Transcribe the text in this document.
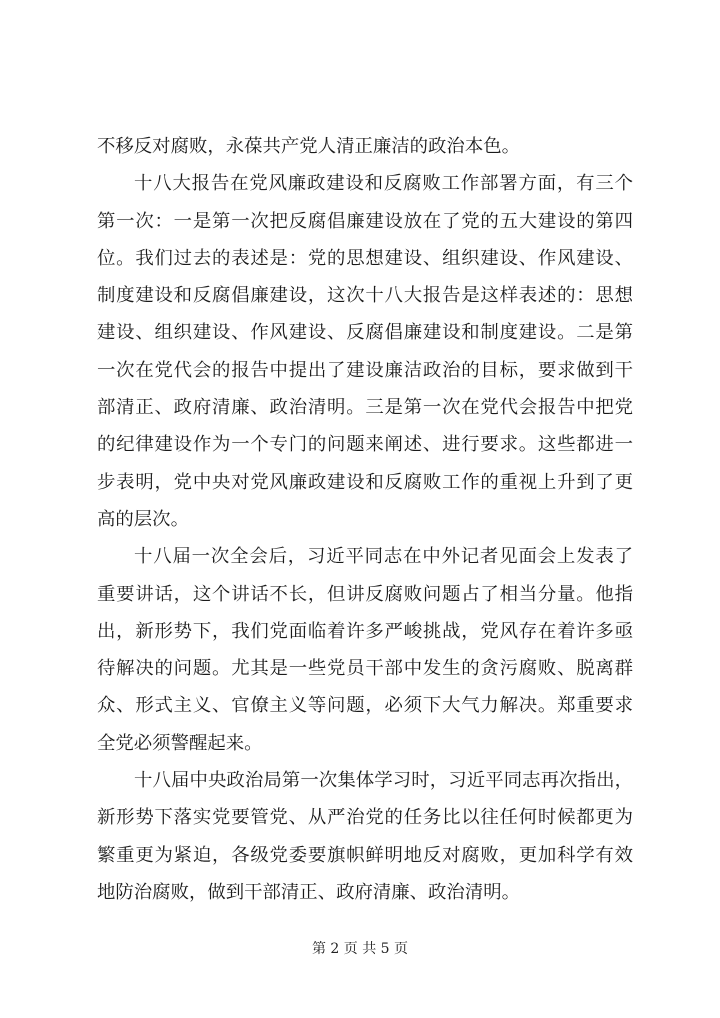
不移反对腐败，永葆共产党人清正廉洁的政治本色。
十八大报告在党风廉政建设和反腐败工作部署方面，有三个
第一次：一是第一次把反腐倡廉建设放在了党的五大建设的第四
位。我们过去的表述是：党的思想建设、组织建设、作风建设、
制度建设和反腐倡廉建设，这次十八大报告是这样表述的：思想
建设、组织建设、作风建设、反腐倡廉建设和制度建设。二是第
一次在党代会的报告中提出了建设廉洁政治的目标，要求做到干
部清正、政府清廉、政治清明。三是第一次在党代会报告中把党
的纪律建设作为一个专门的问题来阐述、进行要求。这些都进一
步表明，党中央对党风廉政建设和反腐败工作的重视上升到了更
高的层次。
十八届一次全会后，习近平同志在中外记者见面会上发表了
重要讲话，这个讲话不长，但讲反腐败问题占了相当分量。他指
出，新形势下，我们党面临着许多严峻挑战，党风存在着许多亟
待解决的问题。尤其是一些党员干部中发生的贪污腐败、脱离群
众、形式主义、官僚主义等问题，必须下大气力解决。郑重要求
全党必须警醒起来。
十八届中央政治局第一次集体学习时，习近平同志再次指出，
新形势下落实党要管党、从严治党的任务比以往任何时候都更为
繁重更为紧迫，各级党委要旗帜鲜明地反对腐败，更加科学有效
地防治腐败，做到干部清正、政府清廉、政治清明。
第 2 页 共 5 页
